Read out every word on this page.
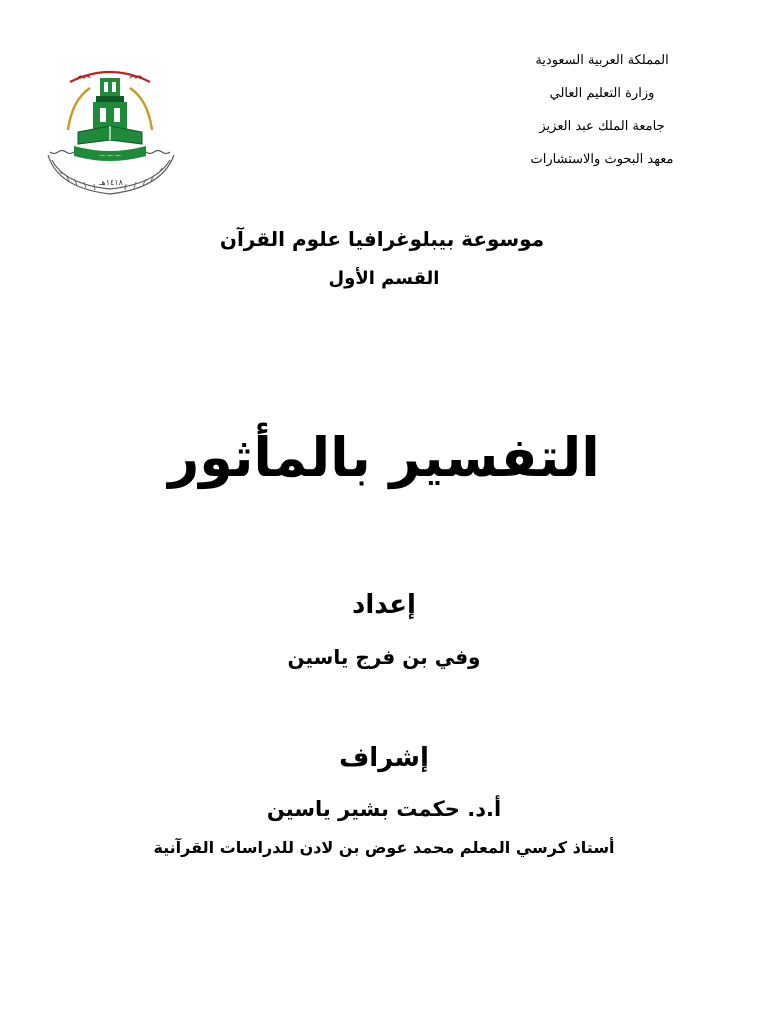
المملكة العربية السعودية
وزارة التعليم العالي
جامعة الملك عبد العزيز
معهد البحوث والاستشارات
— — —
١٤١٨هـ
موسوعة بيبلوغرافيا علوم القرآن
القسم الأول
التفسير بالمأثور
إعداد
وفي بن فرج ياسين
إشراف
أ.د. حكمت بشير ياسين
أستاذ كرسي المعلم محمد عوض بن لادن للدراسات القرآنية
